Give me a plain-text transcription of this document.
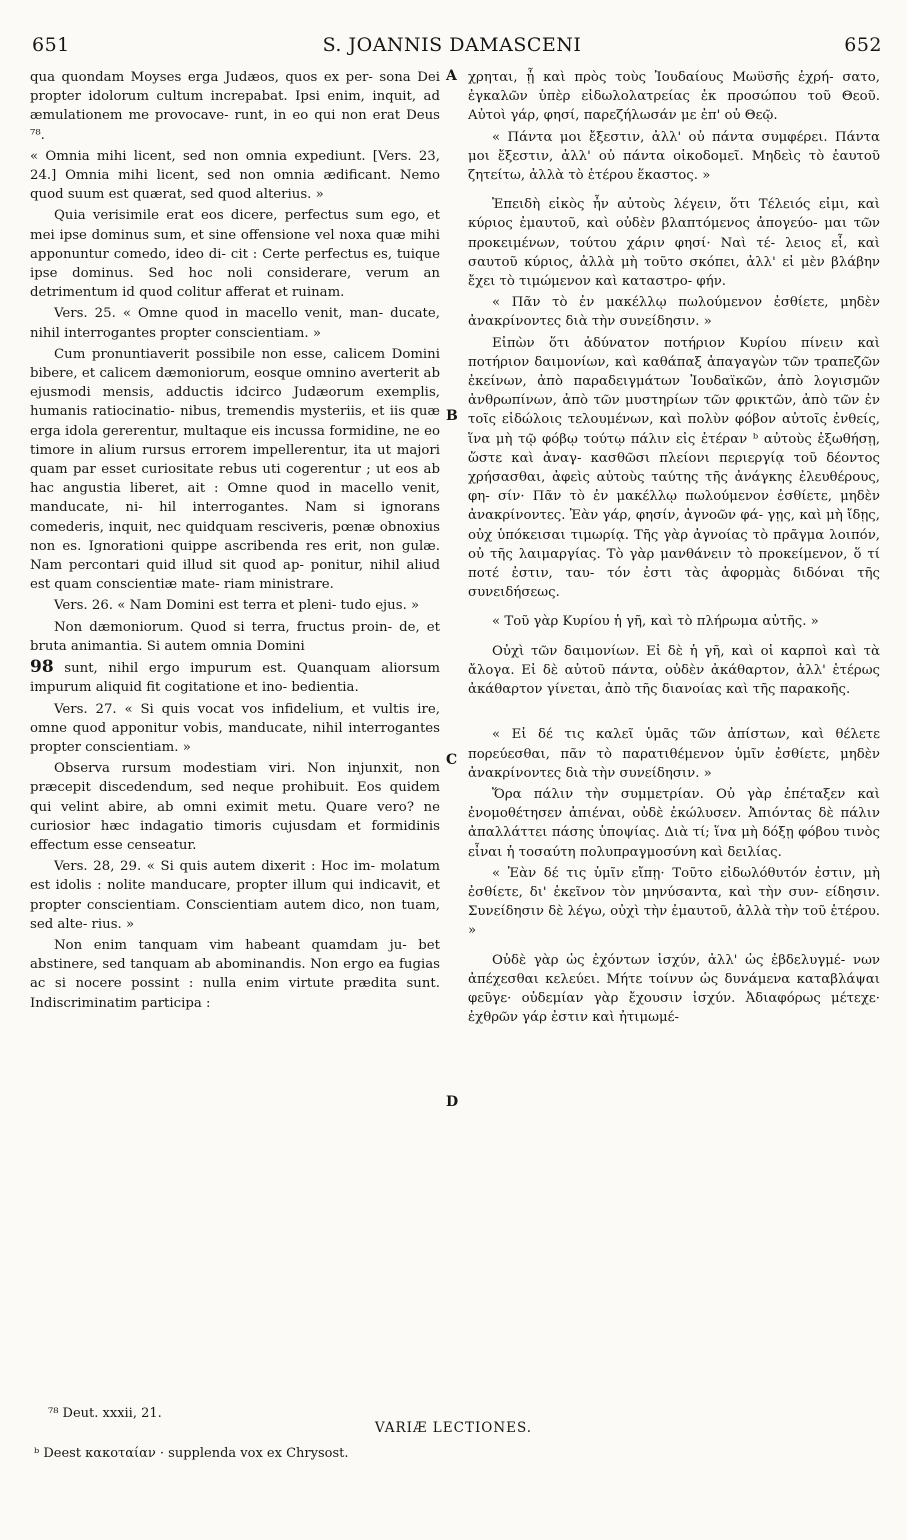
651	S. JOANNIS DAMASCENI	652

qua quondam Moyses erga Judæos, quos ex per- sona Dei propter idolorum cultum increpabat. Ipsi enim, inquit, ad æmulationem me provocave- runt, in eo qui non erat Deus ⁷⁸.

« Omnia mihi licent, sed non omnia expediunt. [Vers. 23, 24.] Omnia mihi licent, sed non omnia ædificant. Nemo quod suum est quærat, sed quod alterius. »

Quia verisimile erat eos dicere, perfectus sum ego, et mei ipse dominus sum, et sine offensione vel noxa quæ mihi apponuntur comedo, ideo di- cit : Certe perfectus es, tuique ipse dominus. Sed hoc noli considerare, verum an detrimentum id quod colitur afferat et ruinam.

Vers. 25. « Omne quod in macello venit, man- ducate, nihil interrogantes propter conscientiam. »

Cum pronuntiaverit possibile non esse, calicem Domini bibere, et calicem dæmoniorum, eosque omnino averterit ab ejusmodi mensis, adductis idcirco Judæorum exemplis, humanis ratiocinatio- nibus, tremendis mysteriis, et iis quæ erga idola gererentur, multaque eis incussa formidine, ne eo timore in alium rursus errorem impellerentur, ita ut majori quam par esset curiositate rebus uti cogerentur ; ut eos ab hac angustia liberet, ait : Omne quod in macello venit, manducate, ni- hil interrogantes. Nam si ignorans comederis, inquit, nec quidquam resciveris, pœnæ obnoxius non es. Ignorationi quippe ascribenda res erit, non gulæ. Nam percontari quid illud sit quod ap- ponitur, nihil aliud est quam conscientiæ mate- riam ministrare.

Vers. 26. « Nam Domini est terra et pleni- tudo ejus. »

Non dæmoniorum. Quod si terra, fructus proin- de, et bruta animantia. Si autem omnia Domini

98 sunt, nihil ergo impurum est. Quanquam aliorsum impurum aliquid fit cogitatione et ino- bedientia.

Vers. 27. « Si quis vocat vos infidelium, et vultis ire, omne quod apponitur vobis, manducate, nihil interrogantes propter conscientiam. »

Observa rursum modestiam viri. Non injunxit, non præcepit discedendum, sed neque prohibuit. Eos quidem qui velint abire, ab omni eximit metu. Quare vero? ne curiosior hæc indagatio timoris cujusdam et formidinis effectum esse censeatur.

Vers. 28, 29. « Si quis autem dixerit : Hoc im- molatum est idolis : nolite manducare, propter illum qui indicavit, et propter conscientiam. Conscientiam autem dico, non tuam, sed alte- rius. »

Non enim tanquam vim habeant quamdam ju- bet abstinere, sed tanquam ab abominandis. Non ergo ea fugias ac si nocere possint : nulla enim virtute prædita sunt. Indiscriminatim participa :

χρηται, ᾗ καὶ πρὸς τοὺς Ἰουδαίους Μωϋσῆς ἐχρή- σατο, ἐγκαλῶν ὑπὲρ εἰδωλολατρείας ἐκ προσώπου τοῦ Θεοῦ. Αὐτοὶ γάρ, φησί, παρεζήλωσάν με ἐπ' οὐ Θεῷ.

« Πάντα μοι ἔξεστιν, ἀλλ' οὐ πάντα συμφέρει. Πάντα μοι ἔξεστιν, ἀλλ' οὐ πάντα οἰκοδομεῖ. Μηδεὶς τὸ ἑαυτοῦ ζητείτω, ἀλλὰ τὸ ἑτέρου ἕκαστος. »

Ἐπειδὴ εἰκὸς ἦν αὐτοὺς λέγειν, ὅτι Τέλειός εἰμι, καὶ κύριος ἐμαυτοῦ, καὶ οὐδὲν βλαπτόμενος ἀπογεύο- μαι τῶν προκειμένων, τούτου χάριν φησί· Ναὶ τέ- λειος εἶ, καὶ σαυτοῦ κύριος, ἀλλὰ μὴ τοῦτο σκόπει, ἀλλ' εἰ μὲν βλάβην ἔχει τὸ τιμώμενον καὶ καταστρο- φήν.

« Πᾶν τὸ ἐν μακέλλῳ πωλούμενον ἐσθίετε, μηδὲν ἀνακρίνοντες διὰ τὴν συνείδησιν. »

Εἰπὼν ὅτι ἀδύνατον ποτήριον Κυρίου πίνειν καὶ ποτήριον δαιμονίων, καὶ καθάπαξ ἀπαγαγὼν τῶν τραπεζῶν ἐκείνων, ἀπὸ παραδειγμάτων Ἰουδαϊκῶν, ἀπὸ λογισμῶν ἀνθρωπίνων, ἀπὸ τῶν μυστηρίων τῶν φρικτῶν, ἀπὸ τῶν ἐν τοῖς εἰδώλοις τελουμένων, καὶ πολὺν φόβον αὐτοῖς ἐνθείς, ἵνα μὴ τῷ φόβῳ τούτῳ πάλιν εἰς ἑτέραν ᵇ αὐτοὺς ἐξωθήσῃ, ὥστε καὶ ἀναγ- κασθῶσι πλείονι περιεργίᾳ τοῦ δέοντος χρήσασθαι, ἀφεὶς αὐτοὺς ταύτης τῆς ἀνάγκης ἐλευθέρους, φη- σίν· Πᾶν τὸ ἐν μακέλλῳ πωλούμενον ἐσθίετε, μηδὲν ἀνακρίνοντες. Ἐὰν γάρ, φησίν, ἀγνοῶν φά- γῃς, καὶ μὴ ἴδῃς, οὐχ ὑπόκεισαι τιμωρίᾳ. Τῆς γὰρ ἀγνοίας τὸ πρᾶγμα λοιπόν, οὐ τῆς λαιμαργίας. Τὸ γὰρ μανθάνειν τὸ προκείμενον, ὅ τί ποτέ ἐστιν, ταυ- τόν ἐστι τὰς ἀφορμὰς διδόναι τῆς συνειδήσεως.

« Τοῦ γὰρ Κυρίου ἡ γῆ, καὶ τὸ πλήρωμα αὐτῆς. »

Οὐχὶ τῶν δαιμονίων. Εἰ δὲ ἡ γῆ, καὶ οἱ καρποὶ καὶ τὰ ἄλογα. Εἰ δὲ αὐτοῦ πάντα, οὐδὲν ἀκάθαρτον, ἀλλ' ἑτέρως ἀκάθαρτον γίνεται, ἀπὸ τῆς διανοίας καὶ τῆς παρακοῆς.

« Εἰ δέ τις καλεῖ ὑμᾶς τῶν ἀπίστων, καὶ θέλετε πορεύεσθαι, πᾶν τὸ παρατιθέμενον ὑμῖν ἐσθίετε, μηδὲν ἀνακρίνοντες διὰ τὴν συνείδησιν. »

Ὅρα πάλιν τὴν συμμετρίαν. Οὐ γὰρ ἐπέταξεν καὶ ἐνομοθέτησεν ἀπιέναι, οὐδὲ ἐκώλυσεν. Ἀπιόντας δὲ πάλιν ἀπαλλάττει πάσης ὑποψίας. Διὰ τί; ἵνα μὴ δόξῃ φόβου τινὸς εἶναι ἡ τοσαύτη πολυπραγμοσύνη καὶ δειλίας.

« Ἐὰν δέ τις ὑμῖν εἴπῃ· Τοῦτο εἰδωλόθυτόν ἐστιν, μὴ ἐσθίετε, δι' ἐκεῖνον τὸν μηνύσαντα, καὶ τὴν συν- είδησιν. Συνείδησιν δὲ λέγω, οὐχὶ τὴν ἐμαυτοῦ, ἀλλὰ τὴν τοῦ ἑτέρου. »

Οὐδὲ γὰρ ὡς ἐχόντων ἰσχύν, ἀλλ' ὡς ἐβδελυγμέ- νων ἀπέχεσθαι κελεύει. Μήτε τοίνυν ὡς δυνάμενα καταβλάψαι φεῦγε· οὐδεμίαν γὰρ ἔχουσιν ἰσχύν. Ἀδιαφόρως μέτεχε· ἐχθρῶν γάρ ἐστιν καὶ ἠτιμωμέ-

A
B
C
D
⁷⁸ Deut. xxxii, 21.
VARIÆ LECTIONES.
ᵇ Deest κακοταίαν · supplenda vox ex Chrysost.
